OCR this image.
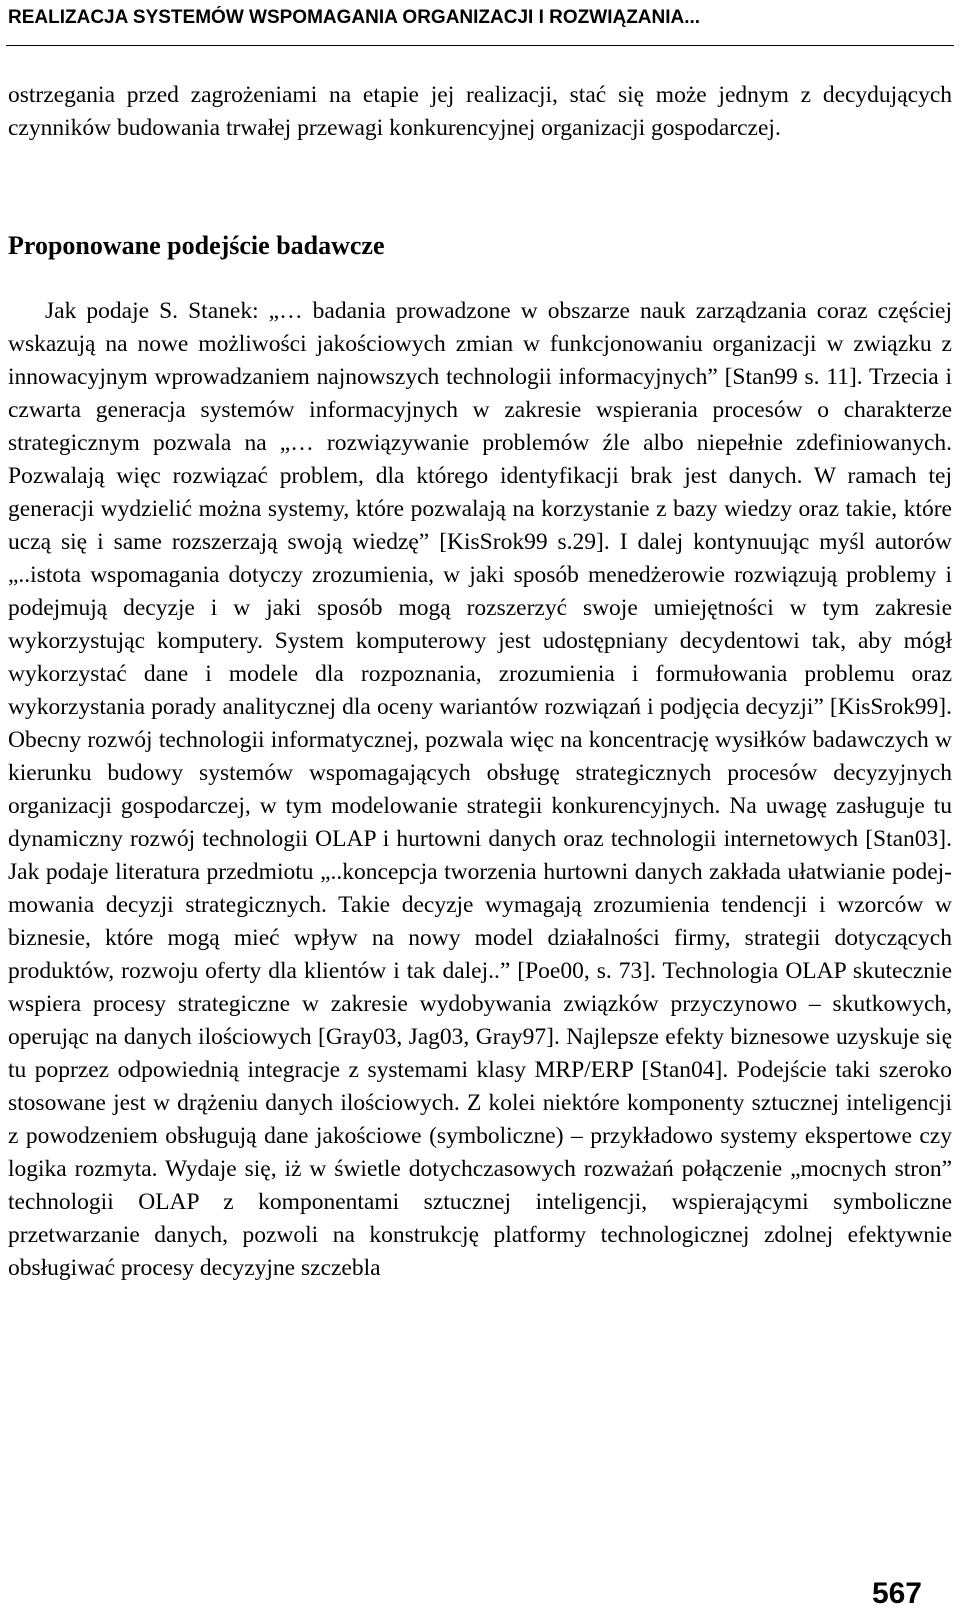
REALIZACJA SYSTEMÓW WSPOMAGANIA ORGANIZACJI I ROZWIĄZANIA...

ostrzegania przed zagrożeniami na etapie jej realizacji, stać się może jednym z decydujących czynników budowania trwałej przewagi konkurencyjnej organizacji gospodarczej.

Proponowane podejście badawcze

Jak podaje S. Stanek: „… badania prowadzone w obszarze nauk zarządzania coraz częściej wskazują na nowe możliwości jakościowych zmian w funkcjonowaniu organizacji w związku z innowacyjnym wprowadzaniem najnowszych technologii informacyjnych” [Stan99 s. 11]. Trzecia i czwarta generacja systemów informacyjnych w zakresie wspierania procesów o charakterze strategicznym pozwala na „… rozwiązywanie problemów źle albo niepełnie zdefiniowanych. Pozwalają więc rozwiązać problem, dla którego identyfikacji brak jest danych. W ramach tej generacji wydzielić można systemy, które pozwalają na korzystanie z bazy wiedzy oraz takie, które uczą się i same rozszerzają swoją wiedzę” [KisSrok99 s.29]. I dalej kontynuując myśl autorów „..istota wspomagania dotyczy zrozumienia, w jaki sposób menedżerowie rozwiązują problemy i podejmują decyzje i w jaki sposób mogą rozszerzyć swoje umiejętności w tym zakresie wykorzystując komputery. System komputerowy jest udostępniany decydentowi tak, aby mógł wykorzystać dane i modele dla rozpoznania, zrozumienia i formułowania problemu oraz wykorzystania porady analitycznej dla oceny wariantów rozwiązań i podjęcia decyzji” [KisSrok99]. Obecny rozwój technologii informatycznej, pozwala więc na koncentrację wysiłków badawczych w kierunku budowy systemów wspomagających obsługę strategicznych procesów decyzyjnych organizacji gospodarczej, w tym modelowanie strategii konkurencyjnych. Na uwagę zasługuje tu dynamiczny rozwój technologii OLAP i hurtowni danych oraz technologii internetowych [Stan03]. Jak podaje literatura przedmiotu „..koncepcja tworzenia hurtowni danych zakłada ułatwianie podejmowania decyzji strategicznych. Takie decyzje wymagają zrozumienia tendencji i wzorców w biznesie, które mogą mieć wpływ na nowy model działalności firmy, strategii dotyczących produktów, rozwoju oferty dla klientów i tak dalej..” [Poe00, s. 73]. Technologia OLAP skutecznie wspiera procesy strategiczne w zakresie wydobywania związków przyczynowo – skutkowych, operując na danych ilościowych [Gray03, Jag03, Gray97]. Najlepsze efekty biznesowe uzyskuje się tu poprzez odpowiednią integracje z systemami klasy MRP/ERP [Stan04]. Podejście taki szeroko stosowane jest w drążeniu danych ilościowych. Z kolei niektóre komponenty sztucznej inteligencji z powodzeniem obsługują dane jakościowe (symboliczne) – przykładowo systemy ekspertowe czy logika rozmyta. Wydaje się, iż w świetle dotychczasowych rozważań połączenie „mocnych stron” technologii OLAP z komponentami sztucznej inteligencji, wspierającymi symboliczne przetwarzanie danych, pozwoli na konstrukcję platformy technologicznej zdolnej efektywnie obsługiwać procesy decyzyjne szczebla

567
